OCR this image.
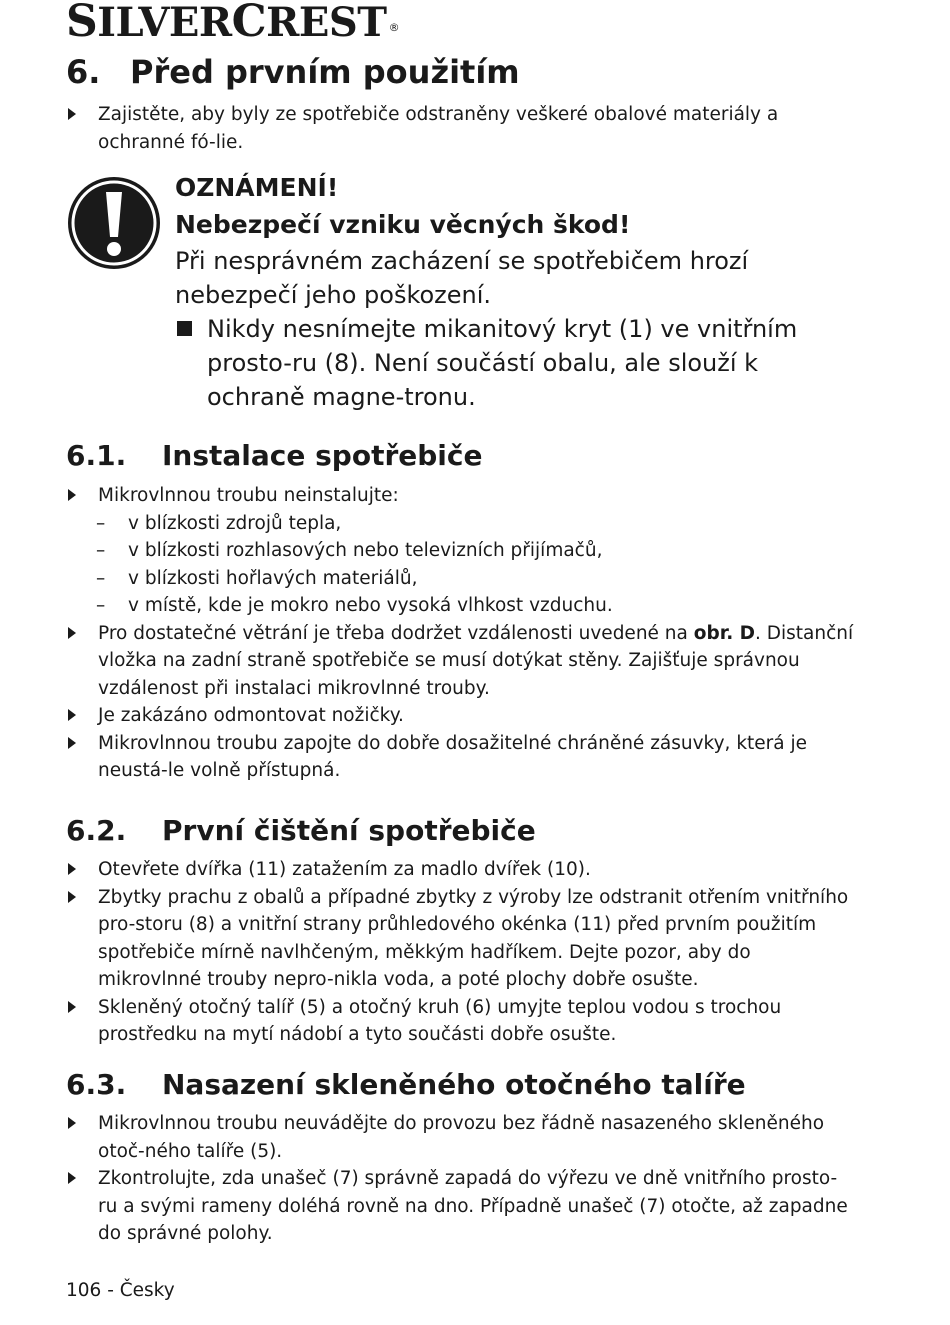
SILVERCREST ®
6. Před prvním použitím
Zajistěte, aby byly ze spotřebiče odstraněny veškeré obalové materiály a ochranné fó-lie.
OZNÁMENÍ!
Nebezpečí vzniku věcných škod!
Při nesprávném zacházení se spotřebičem hrozí nebezpečí jeho poškození.
Nikdy nesnímejte mikanitový kryt (1) ve vnitřním prosto-ru (8). Není součástí obalu, ale slouží k ochraně magne-tronu.
6.1. Instalace spotřebiče
Mikrovlnnou troubu neinstalujte:
– v blízkosti zdrojů tepla,
– v blízkosti rozhlasových nebo televizních přijímačů,
– v blízkosti hořlavých materiálů,
– v místě, kde je mokro nebo vysoká vlhkost vzduchu.
Pro dostatečné větrání je třeba dodržet vzdálenosti uvedené na obr. D. Distanční vložka na zadní straně spotřebiče se musí dotýkat stěny. Zajišťuje správnou vzdálenost při instalaci mikrovlnné trouby.
Je zakázáno odmontovat nožičky.
Mikrovlnnou troubu zapojte do dobře dosažitelné chráněné zásuvky, která je neustá-le volně přístupná.
6.2. První čištění spotřebiče
Otevřete dvířka (11) zatažením za madlo dvířek (10).
Zbytky prachu z obalů a případné zbytky z výroby lze odstranit otřením vnitřního pro-storu (8) a vnitřní strany průhledového okénka (11) před prvním použitím spotřebiče mírně navlhčeným, měkkým hadříkem. Dejte pozor, aby do mikrovlnné trouby nepro-nikla voda, a poté plochy dobře osušte.
Skleněný otočný talíř (5) a otočný kruh (6) umyjte teplou vodou s trochou prostředku na mytí nádobí a tyto součásti dobře osušte.
6.3. Nasazení skleněného otočného talíře
Mikrovlnnou troubu neuvádějte do provozu bez řádně nasazeného skleněného otoč-ného talíře (5).
Zkontrolujte, zda unašeč (7) správně zapadá do výřezu ve dně vnitřního prosto-ru a svými rameny doléhá rovně na dno. Případně unašeč (7) otočte, až zapadne do správné polohy.
106 - Česky
